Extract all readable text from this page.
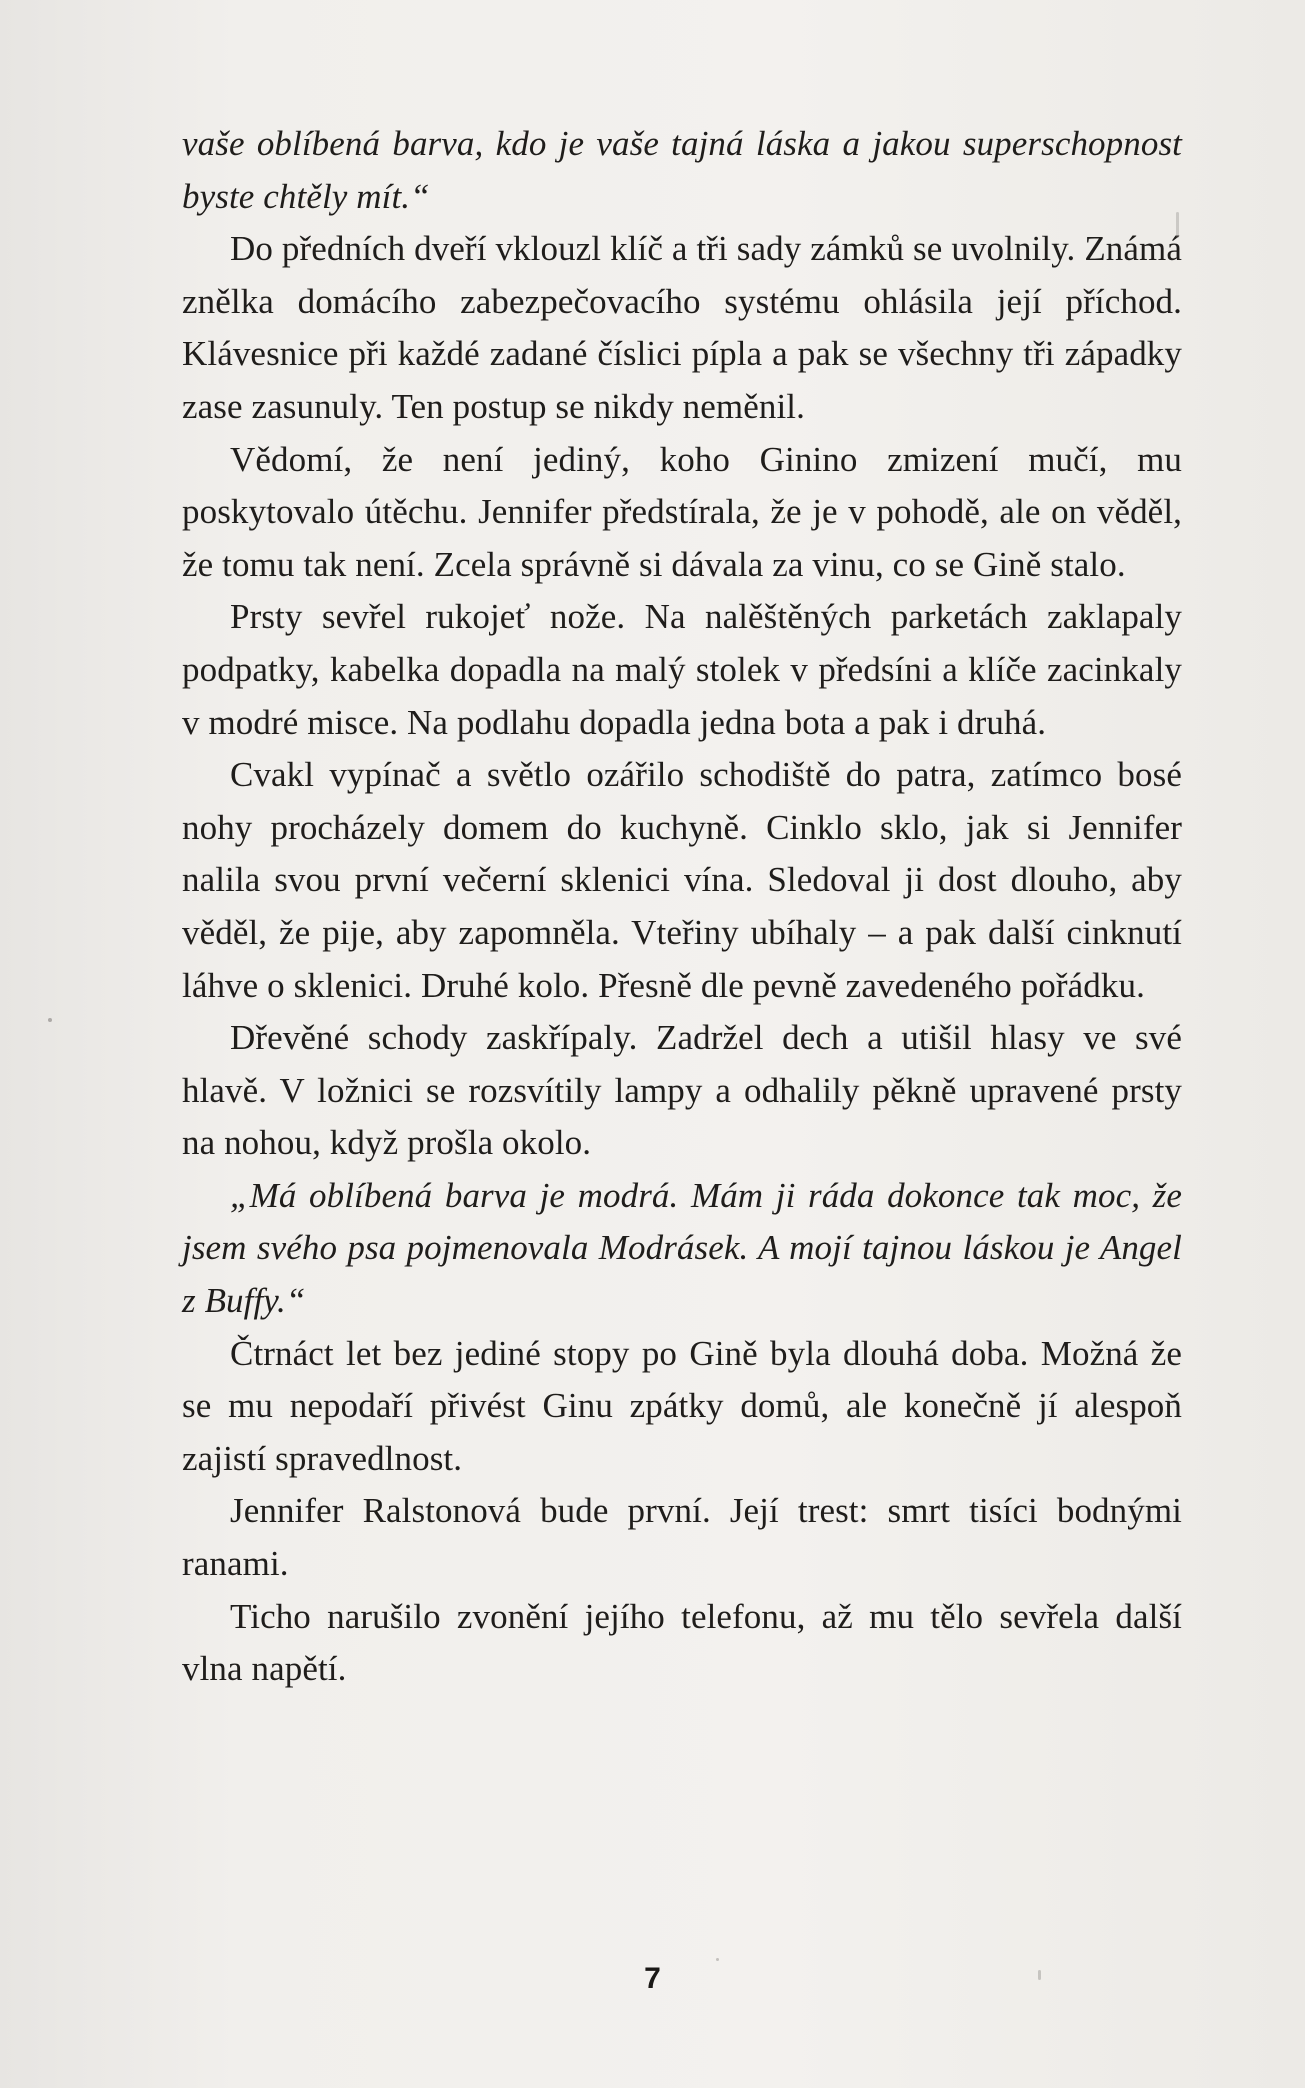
vaše oblíbená barva, kdo je vaše tajná láska a jakou superschopnost byste chtěly mít.“

Do předních dveří vklouzl klíč a tři sady zámků se uvolnily. Známá znělka domácího zabezpečovacího systému ohlásila její příchod. Klávesnice při každé zadané číslici pípla a pak se všechny tři západky zase zasunuly. Ten postup se nikdy neměnil.

Vědomí, že není jediný, koho Ginino zmizení mučí, mu poskytovalo útěchu. Jennifer předstírala, že je v pohodě, ale on věděl, že tomu tak není. Zcela správně si dávala za vinu, co se Gině stalo.

Prsty sevřel rukojeť nože. Na nalěštěných parketách zaklapaly podpatky, kabelka dopadla na malý stolek v předsíni a klíče zacinkaly v modré misce. Na podlahu dopadla jedna bota a pak i druhá.

Cvakl vypínač a světlo ozářilo schodiště do patra, zatímco bosé nohy procházely domem do kuchyně. Cinklo sklo, jak si Jennifer nalila svou první večerní sklenici vína. Sledoval ji dost dlouho, aby věděl, že pije, aby zapomněla. Vteřiny ubíhaly – a pak další cinknutí láhve o sklenici. Druhé kolo. Přesně dle pevně zavedeného pořádku.

Dřevěné schody zaskřípaly. Zadržel dech a utišil hlasy ve své hlavě. V ložnici se rozsvítily lampy a odhalily pěkně upravené prsty na nohou, když prošla okolo.

„Má oblíbená barva je modrá. Mám ji ráda dokonce tak moc, že jsem svého psa pojmenovala Modrásek. A mojí tajnou láskou je Angel z Buffy.“

Čtrnáct let bez jediné stopy po Gině byla dlouhá doba. Možná že se mu nepodaří přivést Ginu zpátky domů, ale konečně jí alespoň zajistí spravedlnost.

Jennifer Ralstonová bude první. Její trest: smrt tisíci bodnými ranami.

Ticho narušilo zvonění jejího telefonu, až mu tělo sevřela další vlna napětí.

7
